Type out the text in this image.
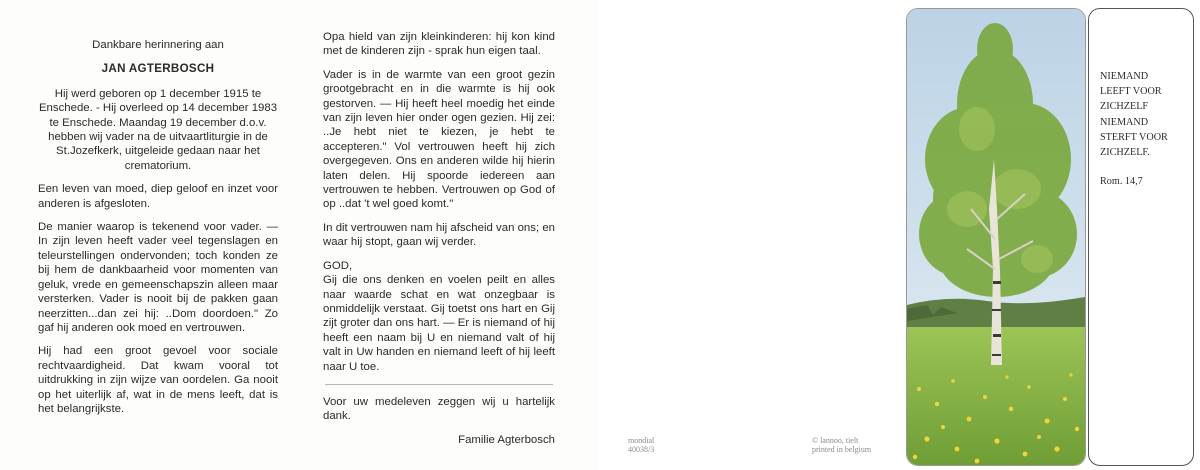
Dankbare herinnering aan

JAN AGTERBOSCH

Hij werd geboren op 1 december 1915 te Enschede. - Hij overleed op 14 december 1983 te Enschede. Maandag 19 december d.o.v. hebben wij vader na de uitvaartliturgie in de St.Jozefkerk, uitgeleide gedaan naar het crematorium.

Een leven van moed, diep geloof en inzet voor anderen is afgesloten.

De manier waarop is tekenend voor vader. — In zijn leven heeft vader veel tegenslagen en teleurstellingen ondervonden; toch konden ze bij hem de dankbaarheid voor momenten van geluk, vrede en gemeenschapszin alleen maar versterken. Vader is nooit bij de pakken gaan neerzitten...dan zei hij: ..Dom doordoen." Zo gaf hij anderen ook moed en vertrouwen.

Hij had een groot gevoel voor sociale rechtvaardigheid. Dat kwam vooral tot uitdrukking in zijn wijze van oordelen. Ga nooit op het uiterlijk af, wat in de mens leeft, dat is het belangrijkste.

Opa hield van zijn kleinkinderen: hij kon kind met de kinderen zijn - sprak hun eigen taal.

Vader is in de warmte van een groot gezin grootgebracht en in die warmte is hij ook gestorven. — Hij heeft heel moedig het einde van zijn leven hier onder ogen gezien. Hij zei: ..Je hebt niet te kiezen, je hebt te accepteren." Vol vertrouwen heeft hij zich overgegeven. Ons en anderen wilde hij hierin laten delen. Hij spoorde iedereen aan vertrouwen te hebben. Vertrouwen op God of op ..dat 't wel goed komt."

In dit vertrouwen nam hij afscheid van ons; en waar hij stopt, gaan wij verder.

GOD,

Gij die ons denken en voelen peilt en alles naar waarde schat en wat onzegbaar is onmiddelijk verstaat. Gij toetst ons hart en Gij zijt groter dan ons hart. — Er is niemand of hij heeft een naam bij U en niemand valt of hij valt in Uw handen en niemand leeft of hij leeft naar U toe.

Voor uw medeleven zeggen wij u hartelijk dank.

Familie Agterbosch	mondial
40038/3
© lannoo, tielt
printed in belgium
NIEMAND
LEEFT VOOR
ZICHZELF
NIEMAND
STERFT VOOR
ZICHZELF.
Rom. 14,7
